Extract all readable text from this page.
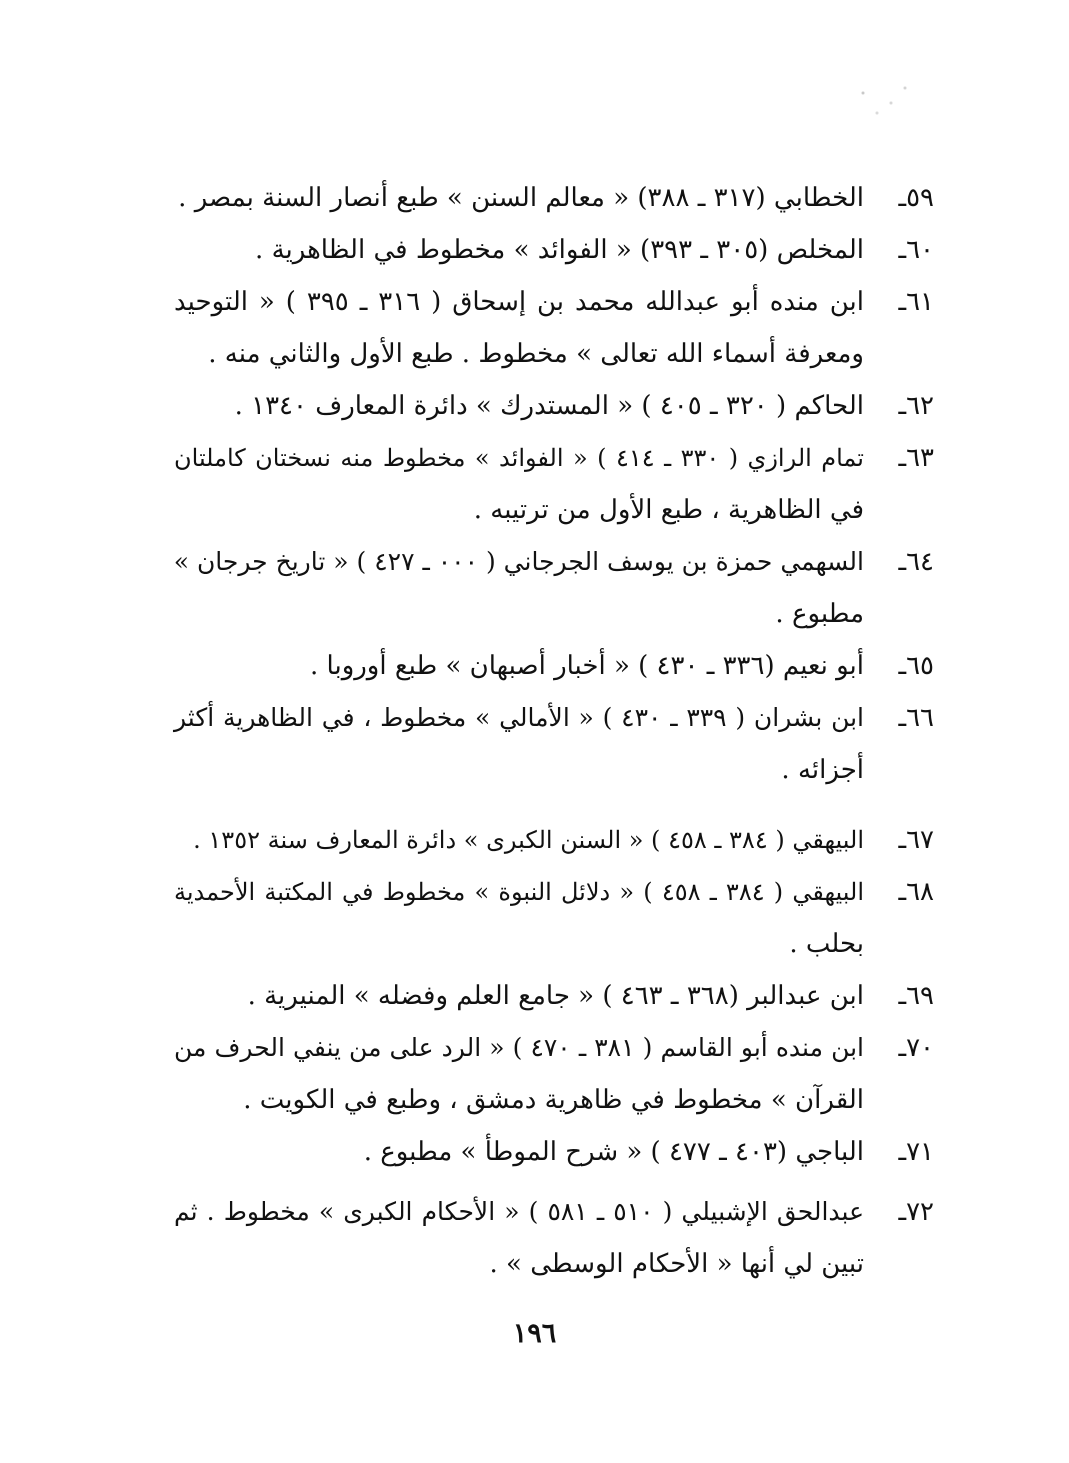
٥٩ـ
الخطابي (٣١٧ ـ ٣٨٨) « معالم السنن » طبع أنصار السنة بمصر .
٦٠ـ
المخلص (٣٠٥ ـ ٣٩٣) « الفوائد » مخطوط في الظاهرية .
٦١ـ
ابن منده أبو عبدالله محمد بن إسحاق ( ٣١٦ ـ ٣٩٥ ) « التوحيد
ومعرفة أسماء الله تعالى » مخطوط . طبع الأول والثاني منه .
٦٢ـ
الحاكم ( ٣٢٠ ـ ٤٠٥ ) « المستدرك » دائرة المعارف ١٣٤٠ .
٦٣ـ
تمام الرازي ( ٣٣٠ ـ ٤١٤ ) « الفوائد » مخطوط منه نسختان كاملتان
في الظاهرية ، طبع الأول من ترتيبه .
٦٤ـ
السهمي حمزة بن يوسف الجرجاني ( ٠٠٠ ـ ٤٢٧ ) « تاريخ جرجان »
مطبوع .
٦٥ـ
أبو نعيم (٣٣٦ ـ ٤٣٠ ) « أخبار أصبهان » طبع أوروبا .
٦٦ـ
ابن بشران ( ٣٣٩ ـ ٤٣٠ ) « الأمالي » مخطوط ، في الظاهرية أكثر
أجزائه .
٦٧ـ
البيهقي ( ٣٨٤ ـ ٤٥٨ ) « السنن الكبرى » دائرة المعارف سنة ١٣٥٢ .
٦٨ـ
البيهقي ( ٣٨٤ ـ ٤٥٨ ) « دلائل النبوة » مخطوط في المكتبة الأحمدية
بحلب .
٦٩ـ
ابن عبدالبر (٣٦٨ ـ ٤٦٣ ) « جامع العلم وفضله » المنيرية .
٧٠ـ
ابن منده أبو القاسم ( ٣٨١ ـ ٤٧٠ ) « الرد على من ينفي الحرف من
القرآن » مخطوط في ظاهرية دمشق ، وطبع في الكويت .
٧١ـ
الباجي (٤٠٣ ـ ٤٧٧ ) « شرح الموطأ » مطبوع .
٧٢ـ
عبدالحق الإشبيلي ( ٥١٠ ـ ٥٨١ ) « الأحكام الكبرى » مخطوط . ثم
تبين لي أنها « الأحكام الوسطى » .
١٩٦
